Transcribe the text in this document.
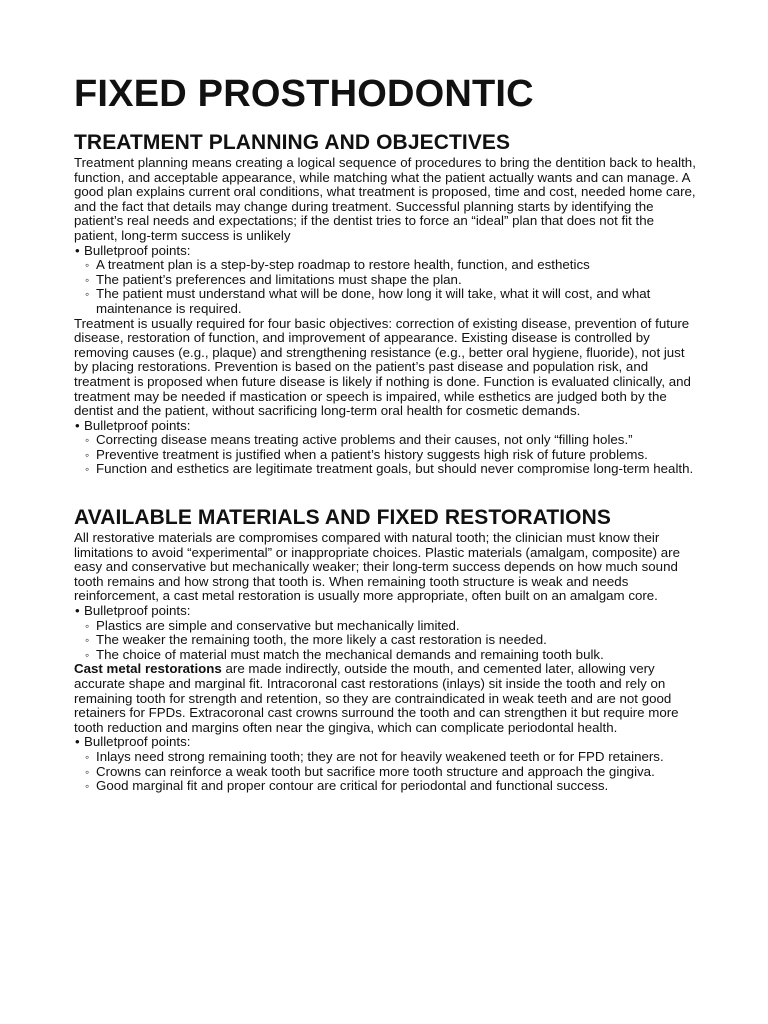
FIXED PROSTHODONTIC
TREATMENT PLANNING AND OBJECTIVES

Treatment planning means creating a logical sequence of procedures to bring the dentition back to health, function, and acceptable appearance, while matching what the patient actually wants and can manage. A good plan explains current oral conditions, what treatment is proposed, time and cost, needed home care, and the fact that details may change during treatment. Successful planning starts by identifying the patient’s real needs and expectations; if the dentist tries to force an “ideal” plan that does not fit the patient, long-term success is unlikely

• Bulletproof points:

◦ A treatment plan is a step-by-step roadmap to restore health, function, and esthetics
◦ The patient’s preferences and limitations must shape the plan.
◦ The patient must understand what will be done, how long it will take, what it will cost, and what maintenance is required.

Treatment is usually required for four basic objectives: correction of existing disease, prevention of future disease, restoration of function, and improvement of appearance. Existing disease is controlled by removing causes (e.g., plaque) and strengthening resistance (e.g., better oral hygiene, fluoride), not just by placing restorations. Prevention is based on the patient’s past disease and population risk, and treatment is proposed when future disease is likely if nothing is done. Function is evaluated clinically, and treatment may be needed if mastication or speech is impaired, while esthetics are judged both by the dentist and the patient, without sacrificing long-term oral health for cosmetic demands.

• Bulletproof points:

◦ Correcting disease means treating active problems and their causes, not only “filling holes.”
◦ Preventive treatment is justified when a patient’s history suggests high risk of future problems.
◦ Function and esthetics are legitimate treatment goals, but should never compromise long-term health.
AVAILABLE MATERIALS AND FIXED RESTORATIONS

All restorative materials are compromises compared with natural tooth; the clinician must know their limitations to avoid “experimental” or inappropriate choices. Plastic materials (amalgam, composite) are easy and conservative but mechanically weaker; their long-term success depends on how much sound tooth remains and how strong that tooth is. When remaining tooth structure is weak and needs reinforcement, a cast metal restoration is usually more appropriate, often built on an amalgam core.

• Bulletproof points:

◦ Plastics are simple and conservative but mechanically limited.
◦ The weaker the remaining tooth, the more likely a cast restoration is needed.
◦ The choice of material must match the mechanical demands and remaining tooth bulk.

Cast metal restorations are made indirectly, outside the mouth, and cemented later, allowing very accurate shape and marginal fit. Intracoronal cast restorations (inlays) sit inside the tooth and rely on remaining tooth for strength and retention, so they are contraindicated in weak teeth and are not good retainers for FPDs. Extracoronal cast crowns surround the tooth and can strengthen it but require more tooth reduction and margins often near the gingiva, which can complicate periodontal health.

• Bulletproof points:

◦ Inlays need strong remaining tooth; they are not for heavily weakened teeth or for FPD retainers.
◦ Crowns can reinforce a weak tooth but sacrifice more tooth structure and approach the gingiva.
◦ Good marginal fit and proper contour are critical for periodontal and functional success.
